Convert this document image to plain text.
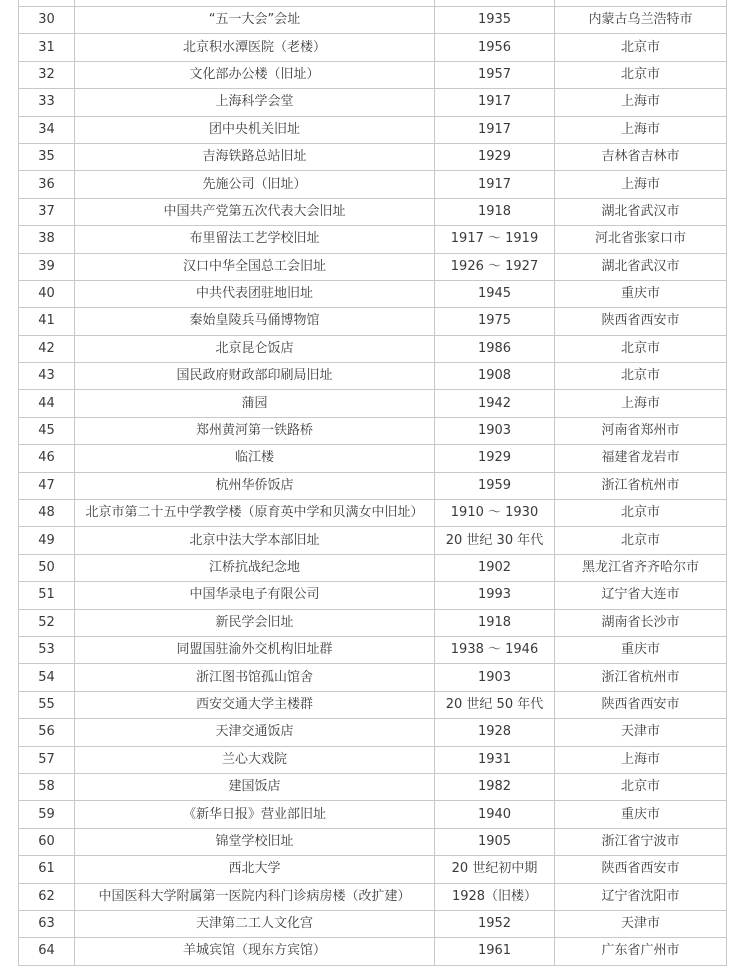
30	“五一大会”会址	1935	内蒙古乌兰浩特市
31	北京积水潭医院（老楼）	1956	北京市
32	文化部办公楼（旧址）	1957	北京市
33	上海科学会堂	1917	上海市
34	团中央机关旧址	1917	上海市
35	吉海铁路总站旧址	1929	吉林省吉林市
36	先施公司（旧址）	1917	上海市
37	中国共产党第五次代表大会旧址	1918	湖北省武汉市
38	布里留法工艺学校旧址	1917 ～ 1919	河北省张家口市
39	汉口中华全国总工会旧址	1926 ～ 1927	湖北省武汉市
40	中共代表团驻地旧址	1945	重庆市
41	秦始皇陵兵马俑博物馆	1975	陕西省西安市
42	北京昆仑饭店	1986	北京市
43	国民政府财政部印刷局旧址	1908	北京市
44	蒲园	1942	上海市
45	郑州黄河第一铁路桥	1903	河南省郑州市
46	临江楼	1929	福建省龙岩市
47	杭州华侨饭店	1959	浙江省杭州市
48	北京市第二十五中学教学楼（原育英中学和贝满女中旧址）	1910 ～ 1930	北京市
49	北京中法大学本部旧址	20 世纪 30 年代	北京市
50	江桥抗战纪念地	1902	黑龙江省齐齐哈尔市
51	中国华录电子有限公司	1993	辽宁省大连市
52	新民学会旧址	1918	湖南省长沙市
53	同盟国驻渝外交机构旧址群	1938 ～ 1946	重庆市
54	浙江图书馆孤山馆舍	1903	浙江省杭州市
55	西安交通大学主楼群	20 世纪 50 年代	陕西省西安市
56	天津交通饭店	1928	天津市
57	兰心大戏院	1931	上海市
58	建国饭店	1982	北京市
59	《新华日报》营业部旧址	1940	重庆市
60	锦堂学校旧址	1905	浙江省宁波市
61	西北大学	20 世纪初中期	陕西省西安市
62	中国医科大学附属第一医院内科门诊病房楼（改扩建）	1928（旧楼）	辽宁省沈阳市
63	天津第二工人文化宫	1952	天津市
64	羊城宾馆（现东方宾馆）	1961	广东省广州市
